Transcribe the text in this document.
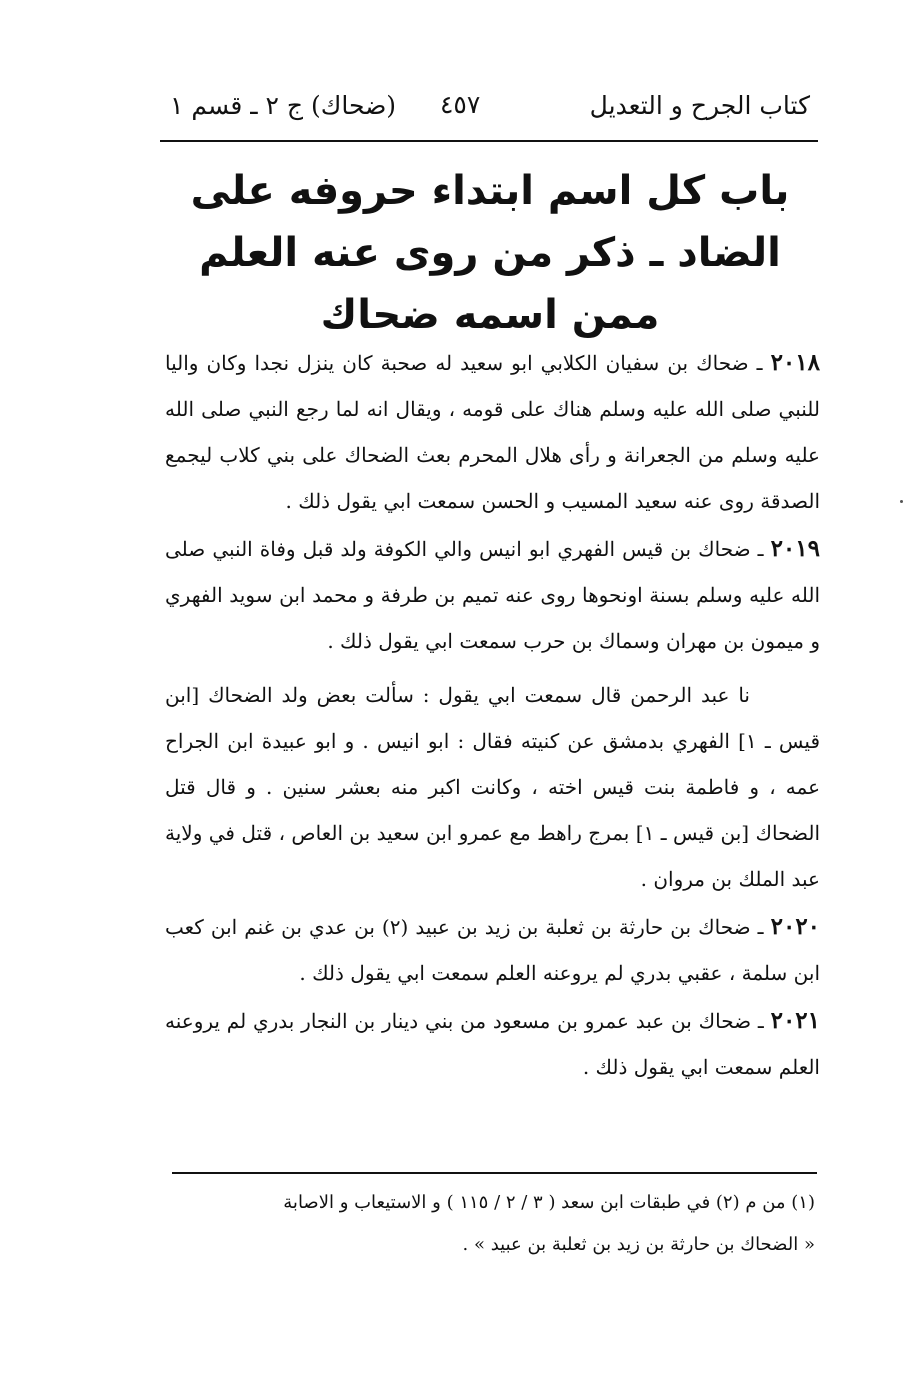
كتاب الجرح و التعديل
٤٥٧
(ضحاك) ج ٢ ـ قسم ١
باب كل اسم ابتداء حروفه على
الضاد ـ ذكر من روى عنه العلم
ممن اسمه ضحاك

٢٠١٨ ـ ضحاك بن سفيان الكلابي ابو سعيد له صحبة كان ينزل نجدا وكان واليا للنبي صلى الله عليه وسلم هناك على قومه ، ويقال انه لما رجع النبي صلى الله عليه وسلم من الجعرانة و رأى هلال المحرم بعث الضحاك على بني كلاب ليجمع الصدقة روى عنه سعيد المسيب و الحسن سمعت ابي يقول ذلك .

٢٠١٩ ـ ضحاك بن قيس الفهري ابو انيس والي الكوفة ولد قبل وفاة النبي صلى الله عليه وسلم بسنة اونحوها روى عنه تميم بن طرفة و محمد ابن سويد الفهري و ميمون بن مهران وسماك بن حرب سمعت ابي يقول ذلك .

نا عبد الرحمن قال سمعت ابي يقول : سألت بعض ولد الضحاك [ابن قيس ـ ١] الفهري بدمشق عن كنيته فقال : ابو انيس . و ابو عبيدة ابن الجراح عمه ، و فاطمة بنت قيس اخته ، وكانت اكبر منه بعشر سنين . و قال قتل الضحاك [بن قيس ـ ١] بمرج راهط مع عمرو ابن سعيد بن العاص ، قتل في ولاية عبد الملك بن مروان .

٢٠٢٠ ـ ضحاك بن حارثة بن ثعلبة بن زيد بن عبيد (٢) بن عدي بن غنم ابن كعب ابن سلمة ، عقبي بدري لم يروعنه العلم سمعت ابي يقول ذلك .

٢٠٢١ ـ ضحاك بن عبد عمرو بن مسعود من بني دينار بن النجار بدري لم يروعنه العلم سمعت ابي يقول ذلك .

(١) من م (٢) في طبقات ابن سعد ( ٣ / ٢ / ١١٥ ) و الاستيعاب و الاصابة

« الضحاك بن حارثة بن زيد بن ثعلبة بن عبيد » .
